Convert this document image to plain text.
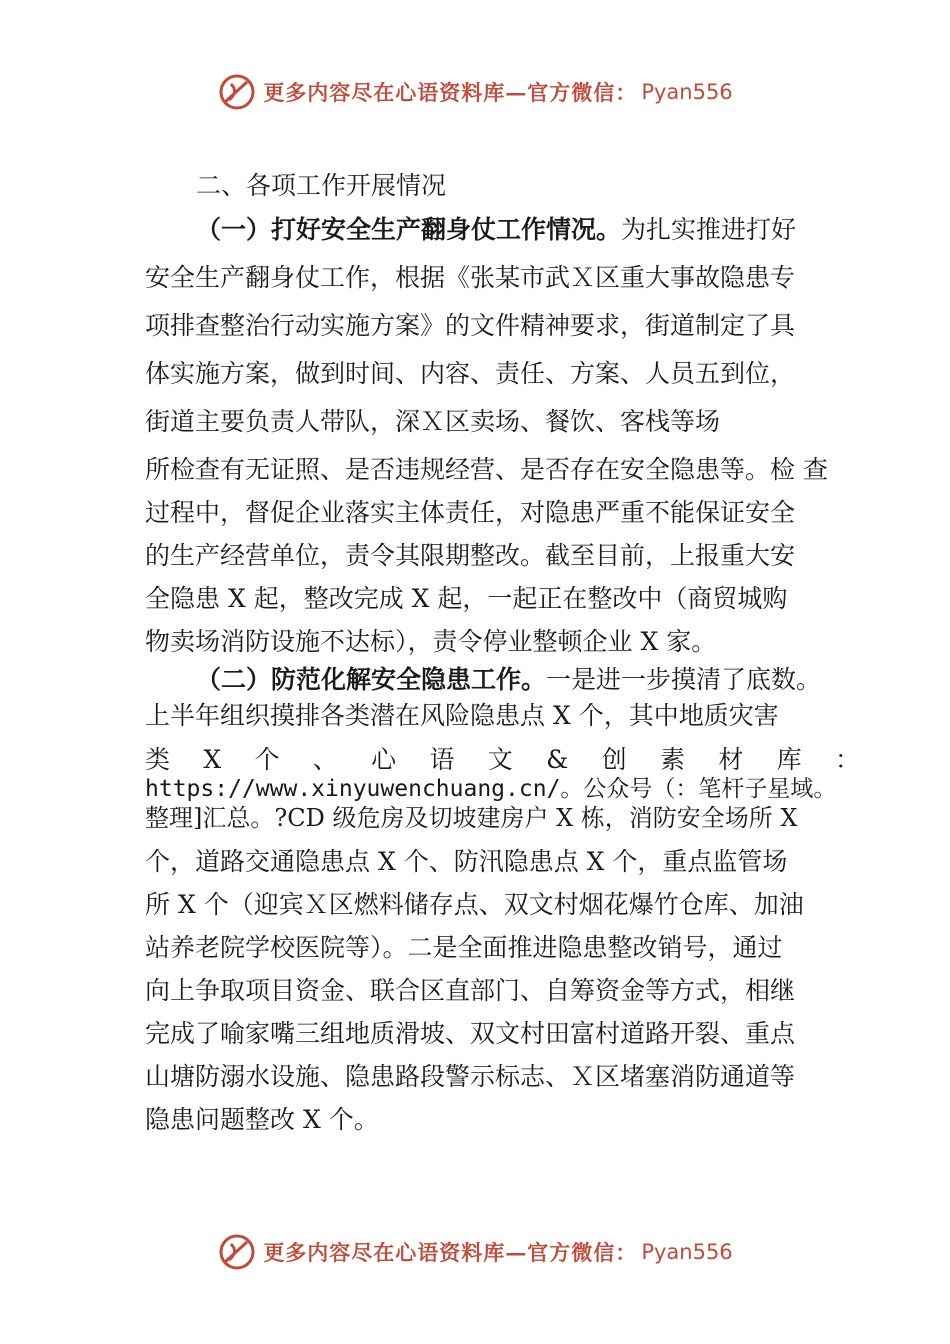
更多内容尽在心语资料库—官方微信： Pyan556
二、各项工作开展情况
（一）打好安全生产翻身仗工作情况。为扎实推进打好
安全生产翻身仗工作，根据《张某市武Ｘ区重大事故隐患专
项排查整治行动实施方案》的文件精神要求，街道制定了具
体实施方案，做到时间、内容、责任、方案、人员五到位，
街道主要负责人带队，深Ｘ区卖场、餐饮、客栈等场
所检查有无证照、是否违规经营、是否存在安全隐患等。检 查
过程中，督促企业落实主体责任，对隐患严重不能保证安全
的生产经营单位，责令其限期整改。截至目前，上报重大安
全隐患 X 起，整改完成 X 起，一起正在整改中（商贸城购
物卖场消防设施不达标），责令停业整顿企业 X 家。
（二）防范化解安全隐患工作。一是进一步摸清了底数。
上半年组织摸排各类潜在风险隐患点 X 个，其中地质灾害
类 X 个 、 心 语 文 & 创 素 材 库 ：
https://www.xinyuwenchuang.cn/。公众号（：笔杆子星域。
整理]汇总。?CD 级危房及切坡建房户 X 栋，消防安全场所 X
个，道路交通隐患点 X 个、防汛隐患点 X 个，重点监管场
所 X 个（迎宾Ｘ区燃料储存点、双文村烟花爆竹仓库、加油
站养老院学校医院等）。二是全面推进隐患整改销号，通过
向上争取项目资金、联合区直部门、自筹资金等方式，相继
完成了喻家嘴三组地质滑坡、双文村田富村道路开裂、重点
山塘防溺水设施、隐患路段警示标志、Ｘ区堵塞消防通道等
隐患问题整改 X 个。
更多内容尽在心语资料库—官方微信： Pyan556
